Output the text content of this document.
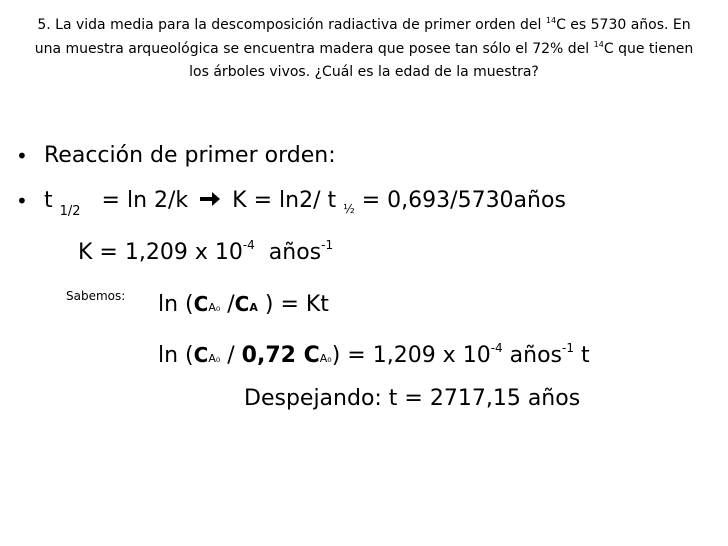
5. La vida media para la descomposición radiactiva de primer orden del $^{14}$C es 5730 años. En una muestra arqueológica se encuentra madera que posee tan sólo el 72% del $^{14}$C que tienen los árboles vivos. ¿Cuál es la edad de la muestra?
• Reacción de primer orden:
• t $_{1/2}$ = ln 2/k K = ln2/ t $_{\frac{1}{2}}$ = 0,693/5730años
K = 1,209 x $10^{-4}$ años$^{-1}$
Sabemos: ln (CA₀ /CA ) = Kt
ln (CA₀ / 0,72 CA₀) = 1,209 x $10^{-4}$ años$^{-1}$ t
Despejando: t = 2717,15 años
